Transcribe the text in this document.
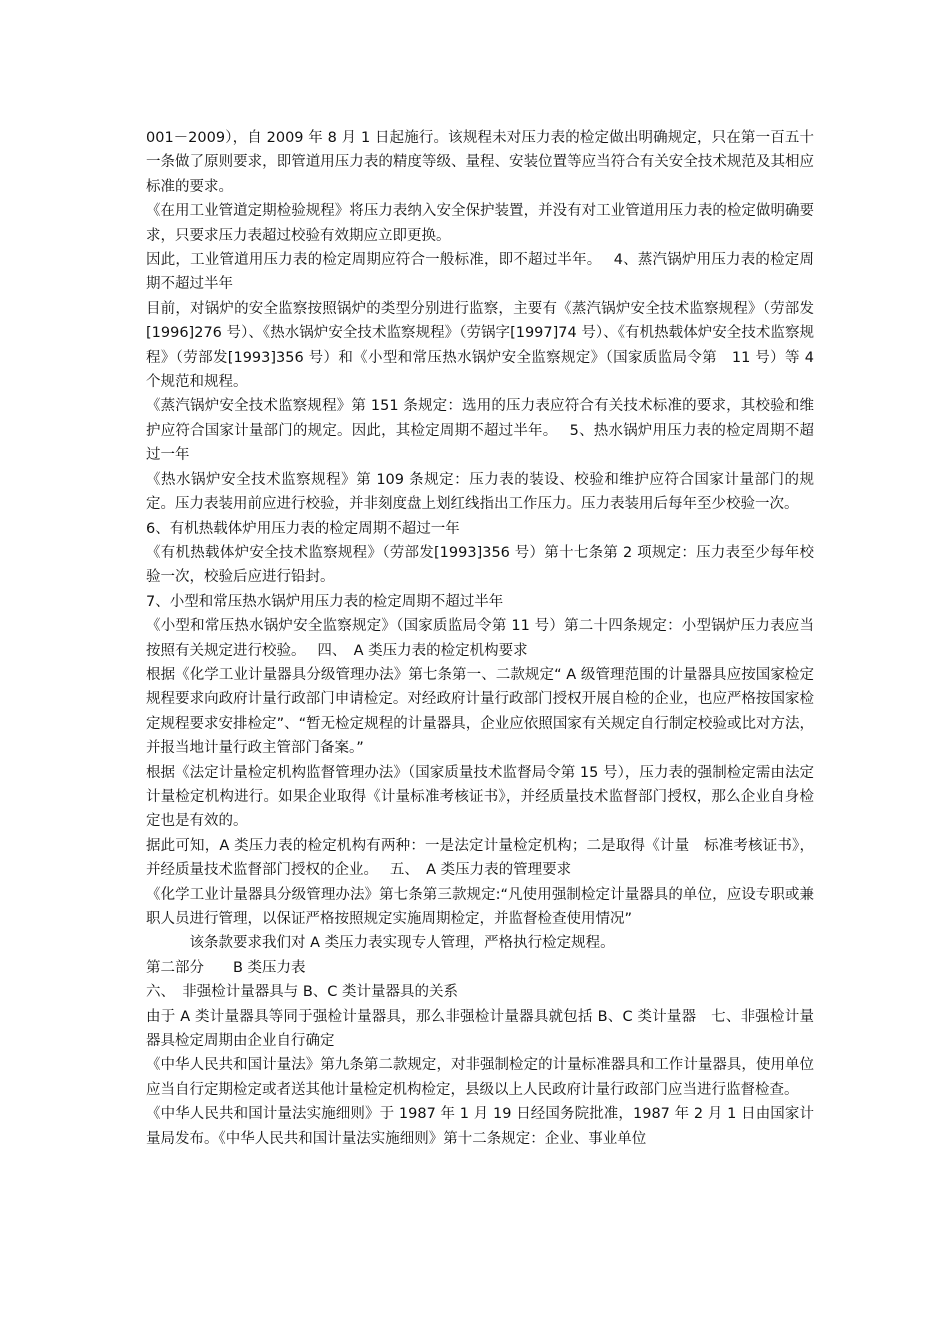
001－2009），自 2009 年 8 月 1 日起施行。该规程未对压力表的检定做出明确规定，只在第一百五十一条做了原则要求，即管道用压力表的精度等级、量程、安装位置等应当符合有关安全技术规范及其相应标准的要求。

《在用工业管道定期检验规程》将压力表纳入安全保护装置，并没有对工业管道用压力表的检定做明确要求，只要求压力表超过校验有效期应立即更换。

因此，工业管道用压力表的检定周期应符合一般标准，即不超过半年。　 4、蒸汽锅炉用压力表的检定周期不超过半年

目前，对锅炉的安全监察按照锅炉的类型分别进行监察，主要有《蒸汽锅炉安全技术监察规程》（劳部发[1996]276 号）、《热水锅炉安全技术监察规程》（劳锅字[1997]74 号）、《有机热载体炉安全技术监察规程》（劳部发[1993]356 号）和《小型和常压热水锅炉安全监察规定》（国家质监局令第　11 号）等 4 个规范和规程。

《蒸汽锅炉安全技术监察规程》第 151 条规定：选用的压力表应符合有关技术标准的要求，其校验和维护应符合国家计量部门的规定。因此，其检定周期不超过半年。　 5、热水锅炉用压力表的检定周期不超过一年

《热水锅炉安全技术监察规程》第 109 条规定：压力表的装设、校验和维护应符合国家计量部门的规定。压力表装用前应进行校验，并非刻度盘上划红线指出工作压力。压力表装用后每年至少校验一次。

6、有机热载体炉用压力表的检定周期不超过一年

《有机热载体炉安全技术监察规程》（劳部发[1993]356 号）第十七条第 2 项规定：压力表至少每年校验一次，校验后应进行铅封。

7、小型和常压热水锅炉用压力表的检定周期不超过半年

《小型和常压热水锅炉安全监察规定》（国家质监局令第 11 号）第二十四条规定：小型锅炉压力表应当按照有关规定进行校验。　 四、　A 类压力表的检定机构要求

根据《化学工业计量器具分级管理办法》第七条第一、二款规定“ A 级管理范围的计量器具应按国家检定规程要求向政府计量行政部门申请检定。对经政府计量行政部门授权开展自检的企业，也应严格按国家检定规程要求安排检定”、“暂无检定规程的计量器具，企业应依照国家有关规定自行制定校验或比对方法，并报当地计量行政主管部门备案。”

根据《法定计量检定机构监督管理办法》（国家质量技术监督局令第 15 号），压力表的强制检定需由法定计量检定机构进行。如果企业取得《计量标准考核证书》，并经质量技术监督部门授权，那么企业自身检定也是有效的。

据此可知，A 类压力表的检定机构有两种：一是法定计量检定机构；二是取得《计量　标准考核证书》，并经质量技术监督部门授权的企业。　 五、　A 类压力表的管理要求

《化学工业计量器具分级管理办法》第七条第三款规定:“凡使用强制检定计量器具的单位，应设专职或兼职人员进行管理，以保证严格按照规定实施周期检定，并监督检查使用情况”

　　　该条款要求我们对 A 类压力表实现专人管理，严格执行检定规程。

第二部分　　B 类压力表

六、　非强检计量器具与 B、C 类计量器具的关系

由于 A 类计量器具等同于强检计量器具，那么非强检计量器具就包括 B、C 类计量器　七、非强检计量器具检定周期由企业自行确定

《中华人民共和国计量法》第九条第二款规定，对非强制检定的计量标准器具和工作计量器具，使用单位应当自行定期检定或者送其他计量检定机构检定，县级以上人民政府计量行政部门应当进行监督检查。

《中华人民共和国计量法实施细则》于 1987 年 1 月 19 日经国务院批准，1987 年 2 月 1 日由国家计量局发布。《中华人民共和国计量法实施细则》第十二条规定：企业、事业单位
